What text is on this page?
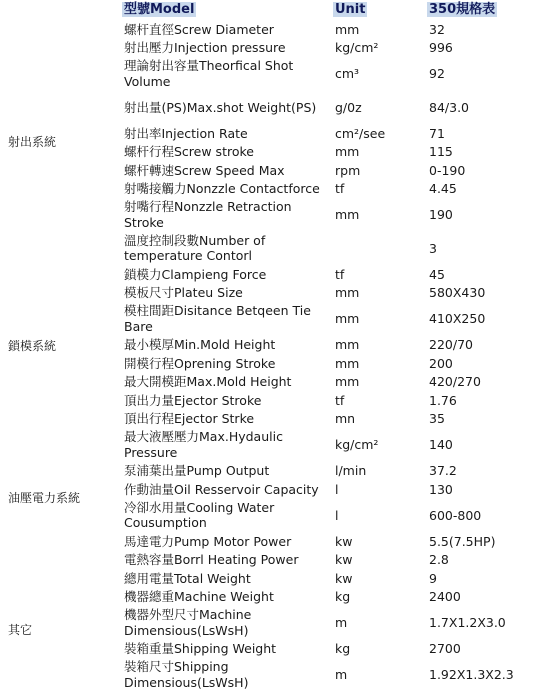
	型號Model	Unit	350規格表
射出系統	螺杆直徑Screw Diameter	mm	32
	射出壓力Injection pressure	kg/cm²	996
	理論射出容量Theorfical Shot Volume	cm³	92
	射出量(PS)Max.shot Weight(PS)	g/0z	84/3.0
	射出率Injection Rate	cm²/see	71
	螺杆行程Screw stroke	mm	115
	螺杆轉速Screw Speed Max	rpm	0-190
	射嘴接觸力Nonzzle Contactforce	tf	4.45
	射嘴行程Nonzzle Retraction Stroke	mm	190
	溫度控制段數Number of temperature Contorl		3
鎖模系統	鎖模力Clampieng Force	tf	45
	模板尺寸Plateu Size	mm	580X430
	模柱間距Disitance Betqeen Tie Bare	mm	410X250
	最小模厚Min.Mold Height	mm	220/70
	開模行程Oprening Stroke	mm	200
	最大開模距Max.Mold Height	mm	420/270
	頂出力量Ejector Stroke	tf	1.76
	頂出行程Ejector Strke	mn	35
油壓電力系統	最大液壓壓力Max.Hydaulic Pressure	kg/cm²	140
	泵浦葉出量Pump Output	l/min	37.2
	作動油量Oil Resservoir Capacity	l	130
	冷卻水用量Cooling Water Cousumption	l	600-800
	馬達電力Pump Motor Power	kw	5.5(7.5HP)
	電熱容量Borrl Heating Power	kw	2.8
其它	總用電量Total Weight	kw	9
	機器總重Machine Weight	kg	2400
	機器外型尺寸Machine Dimensious(LsWsH)	m	1.7X1.2X3.0
	裝箱重量Shipping Weight	kg	2700
	裝箱尺寸Shipping Dimensious(LsWsH)	m	1.92X1.3X2.3
